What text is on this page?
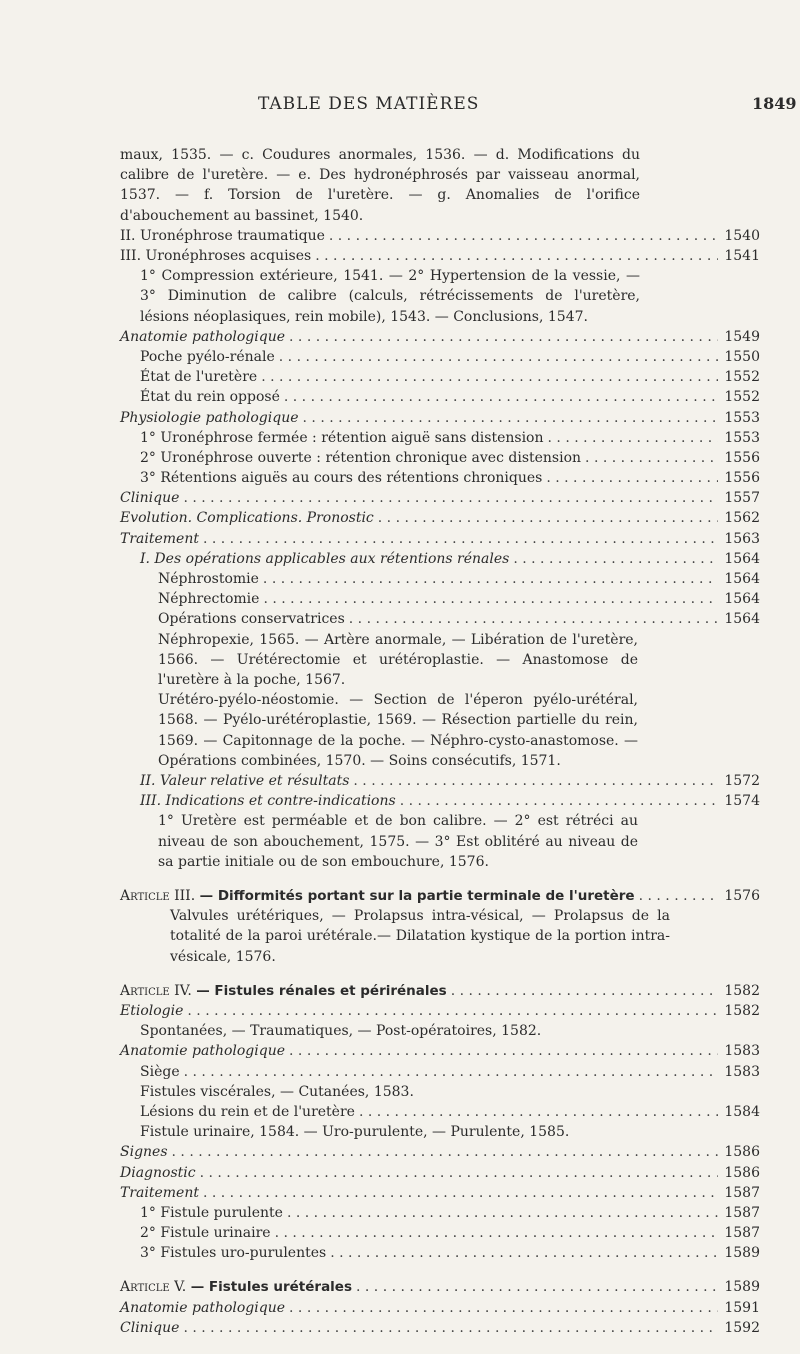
TABLE DES MATIÈRES	1849
maux, 1535. — c. Coudures anormales, 1536. — d. Modifications du calibre de l'uretère. — e. Des hydronéphrosés par vaisseau anormal, 1537. — f. Torsion de l'uretère. — g. Anomalies de l'orifice d'abouchement au bassinet, 1540.
II. Uronéphrose traumatique . . .	1540
III. Uronéphroses acquises . . .	1541
1° Compression extérieure, 1541. — 2° Hypertension de la vessie, — 3° Diminution de calibre (calculs, rétrécissements de l'uretère, lésions néoplasiques, rein mobile), 1543. — Conclusions, 1547.
Anatomie pathologique . . .	1549
Poche pyélo-rénale . . .	1550
État de l'uretère . . .	1552
État du rein opposé . . .	1552
Physiologie pathologique . . .	1553
1° Uronéphrose fermée : rétention aiguë sans distension . . .	1553
2° Uronéphrose ouverte : rétention chronique avec distension . . .	1556
3° Rétentions aiguës au cours des rétentions chroniques . . .	1556
Clinique . . .	1557
Evolution. Complications. Pronostic . . .	1562
Traitement . . .	1563
I. Des opérations applicables aux rétentions rénales . . .	1564
Néphrostomie . . .	1564
Néphrectomie . . .	1564
Opérations conservatrices . . .	1564
Néphropexie, 1565. — Artère anormale, — Libération de l'uretère, 1566. — Urétérectomie et urétéroplastie. — Anastomose de l'uretère à la poche, 1567.
Urétéro-pyélo-néostomie. — Section de l'éperon pyélo-urétéral, 1568. — Pyélo-urétéroplastie, 1569. — Résection partielle du rein, 1569. — Capitonnage de la poche. — Néphro-cysto-anastomose. — Opérations combinées, 1570. — Soins consécutifs, 1571.
II. Valeur relative et résultats . . .	1572
III. Indications et contre-indications . . .	1574
1° Uretère est perméable et de bon calibre. — 2° est rétréci au niveau de son abouchement, 1575. — 3° Est oblitéré au niveau de sa partie initiale ou de son embouchure, 1576.
Article III. — Difformités portant sur la partie terminale de l'uretère . . .	1576
Valvules urétériques, — Prolapsus intra-vésical, — Prolapsus de la totalité de la paroi urétérale.— Dilatation kystique de la portion intra-vésicale, 1576.
Article IV. — Fistules rénales et périrénales . . .	1582
Etiologie . . .	1582
Spontanées, — Traumatiques, — Post-opératoires, 1582.
Anatomie pathologique . . .	1583
Siège . . .	1583
Fistules viscérales, — Cutanées, 1583.
Lésions du rein et de l'uretère . . .	1584
Fistule urinaire, 1584. — Uro-purulente, — Purulente, 1585.
Signes . . .	1586
Diagnostic . . .	1586
Traitement . . .	1587
1° Fistule purulente . . .	1587
2° Fistule urinaire . . .	1587
3° Fistules uro-purulentes . . .	1589
Article V. — Fistules urétérales . . .	1589
Anatomie pathologique . . .	1591
Clinique . . .	1592
